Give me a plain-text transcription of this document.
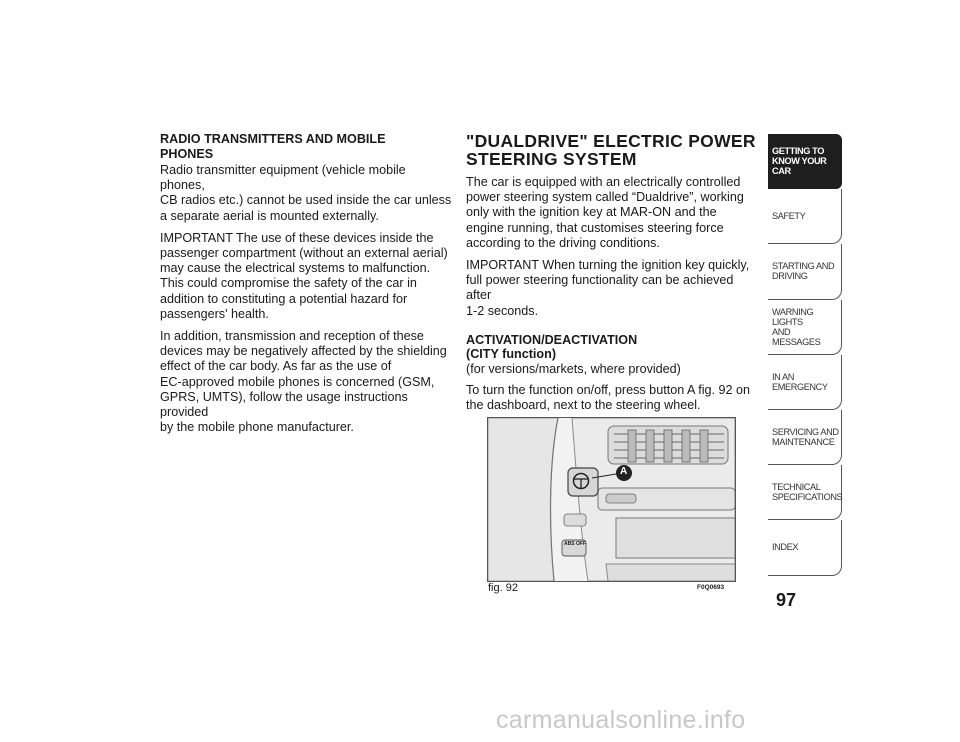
RADIO TRANSMITTERS AND MOBILE
PHONES

Radio transmitter equipment (vehicle mobile phones,
CB radios etc.) cannot be used inside the car unless
a separate aerial is mounted externally.

IMPORTANT The use of these devices inside the
passenger compartment (without an external aerial)
may cause the electrical systems to malfunction.
This could compromise the safety of the car in
addition to constituting a potential hazard for
passengers' health.

In addition, transmission and reception of these
devices may be negatively affected by the shielding
effect of the car body. As far as the use of
EC-approved mobile phones is concerned (GSM,
GPRS, UMTS), follow the usage instructions provided
by the mobile phone manufacturer.

"DUALDRIVE" ELECTRIC POWER
STEERING SYSTEM

The car is equipped with an electrically controlled
power steering system called “Dualdrive”, working
only with the ignition key at MAR-ON and the
engine running, that customises steering force
according to the driving conditions.

IMPORTANT When turning the ignition key quickly,
full power steering functionality can be achieved after
1-2 seconds.

ACTIVATION/DEACTIVATION
(CITY function)
(for versions/markets, where provided)

To turn the function on/off, press button A fig. 92 on
the dashboard, next to the steering wheel.

A
ABS OFF
fig. 92	F0Q0693
GETTING TO
KNOW YOUR CAR
SAFETY
STARTING AND
DRIVING
WARNING LIGHTS
AND MESSAGES
IN AN EMERGENCY
SERVICING AND
MAINTENANCE
TECHNICAL
SPECIFICATIONS
INDEX
97
carmanualsonline.info
